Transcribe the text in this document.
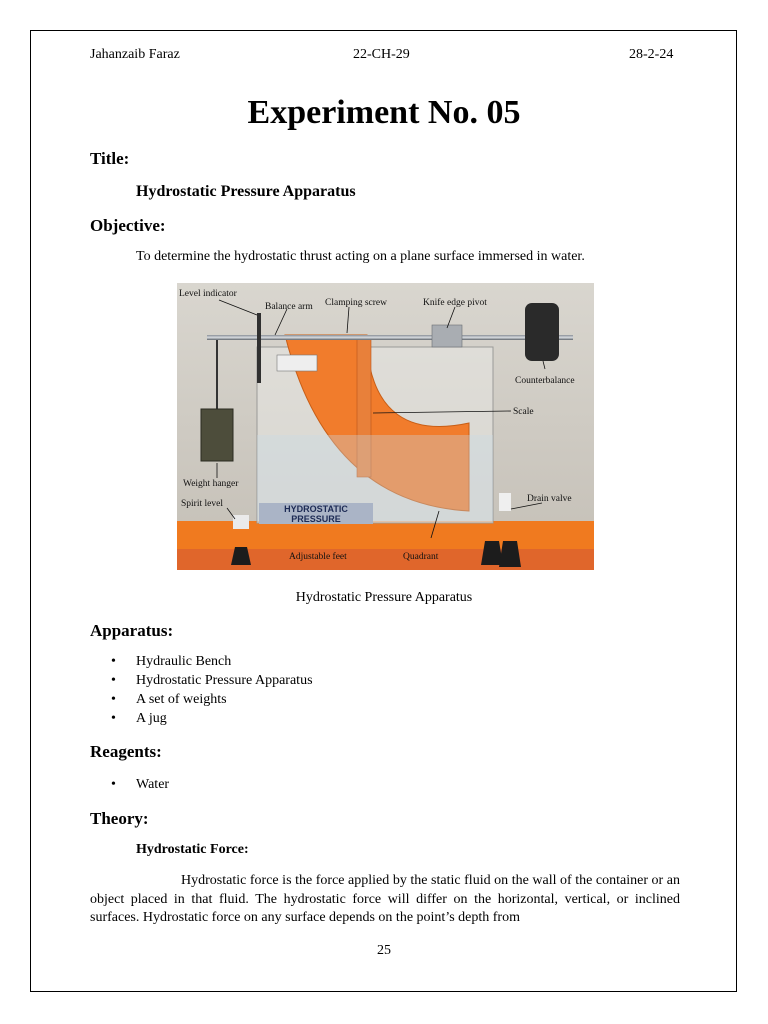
Jahanzaib Faraz	22-CH-29	28-2-24
Experiment No. 05
Title:
Hydrostatic Pressure Apparatus
Objective:
To determine the hydrostatic thrust acting on a plane surface immersed in water.
HYDROSTATIC
PRESSURE
Level indicator
Balance arm Clamping screw	Knife edge pivot
Counterbalance
Scale
Weight hanger
Spirit level	Drain valve
Adjustable feet	Quadrant
Hydrostatic Pressure Apparatus
Apparatus:
• Hydraulic Bench
• Hydrostatic Pressure Apparatus
• A set of weights
• A jug
Reagents:
• Water
Theory:
Hydrostatic Force:
Hydrostatic force is the force applied by the static fluid on the wall of the container or an object placed in that fluid. The hydrostatic force will differ on the horizontal, vertical, or inclined surfaces. Hydrostatic force on any surface depends on the point’s depth from
25
